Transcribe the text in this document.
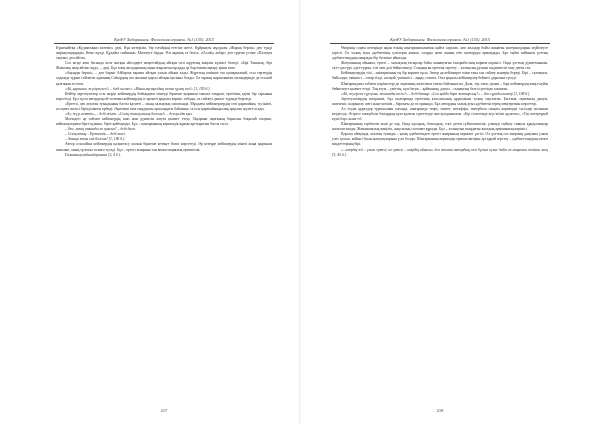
ҚазҰУ Хабаршысы. Филология сериясы. №1 (155). 2015

Күнимайтқа «Күдиясыңыз келеміз» деді. Күн көтеріліп, бір тоғайдың етегіне жетті. Құйрықты жұлдызы «Жарық берсін» деп түнді жарықтандырады. Кеме жүзді. Құдайға сыйынып, Мәскеуге барды. Өзі ақымақ та болса, «Оллаһу акбар» деп тұрған үстіне «Пәледен сақтан» деп айтты.

Сол кезде көш басында келе жатқан әйелдерге жеңгетайдың айтқан сөзі жұрттың көңілін күлкіге бөледі: «Бірі Таналық, бірі Жамалық жыр айтып жүр», – деді. Бұл өлең жолдарының ақын жырлаған нұсқада да бар екенін аңғару қиын емес.

«Ақыңды берші», – деп барып Айбарша ақынға айтқан уәжін ойына алды. Жұрттың көзінше еш қашқақтамай, осы төртеудің алдында тұрып сөйлеген адамның Сабырдың ата жолына қарсы айтқан қисыны болды. Ол мұның жарияланған мәтіндерінде де осылай қалғанын естіген.

«Ай, қарағым, жүгіріп кел!» – деді шешесі. «Мына ақсақалдың сөзіне құлақ сал!» [1, 195 б.].

Кейбір зерттеушілер осы жерде кейіпкердің бойындағы мінезді бірнеше қырынан таныта отырып, ертегінің әдемі бір сарынын көрсетеді. Бұл тұста автордың ой-толғамы кейіпкердің іс-әрекеті арқылы көрініс табады, ал сөйлеуі диалог түрінде беріледі.

«Ертегі» деп аталған туындының басты қасиеті – оның халықтық сипатында. Мұндағы кейіпкерлердің сөзі қарапайым, түсінікті, ал оқиға желісі бірізділікпен өрбиді. Әңгімеші мен тыңдаушы арасындағы байланыс та осы қарапайымдылық арқылы жүзеге асады.

«Ал, жүр, кеттік», – деді жігіт. «Сенің жолың ашық болсын!» – деп қалды қыз.

Мәтіндегі әр сөйлем кейіпкердің ішкі жан дүниесін ашуға қызмет етеді. Оқырман оқиғаның барысын бақылай отырып, кейіпкерлермен бірге қуанып, бірге қайғырады. Бұл – шығарманың көркемдік құнын арттыратын басты тәсіл.

– Әке, менің атымды не қоясыз? – деді бала.

– Сенің атың – Ертөстік, – деді әкесі.

– Атыңа заты сай болсын! [1, 196 б.].

Автор осылайша кейіпкердің қалыптасу жолын бірнеше кезеңге бөліп көрсетеді. Әр кезеңде кейіпкердің мінезі жаңа қырынан ашылып, оның тұлғасы толыға түседі. Бұл – ертегі жанрына тән композициялық ерекшелік.

Ғалымның пайымдауынша [2, 4 б.].

217
ҚазҰУ Хабаршысы. Филология сериясы. №1 (155). 2015

Өмірінің соңғы кезеңінде ақын өзінің шығармашылығын қайта саралап, көп жылдар бойы жинаған материалдарын жүйелеуге кірісті. Ол халық ауыз әдебиетінің үлгілерін жинап, оларды жеке жинақ етіп шығаруды армандады. Бұл еңбек кейіннен ұлттық әдебиеттанудың маңызды бір бөлігіне айналды.

Жазушының ойынша, ертегі – халықтың ғасырлар бойы жинақтаған тәжірибесінің көркем көрінісі. Онда ұлттың дүниетанымы, салт-дәстүрі, әдет-ғұрпы, тілі мен ділі бейнеленеді. Сондықтан ертегіні зерттеу – халықтың рухани мәдениетін тану деген сөз.

Кейіпкерлердің тілі – шығарманың ең бір көркем тұсы. Автор әр кейіпкерге өзіне ғана тән сөйлеу мәнерін береді. Бірі – салмақты, байсалды; екіншісі – өткір тілді, әзілқой; үшіншісі – аңқау, сенгіш. Осы арқылы кейіпкерлер бейнесі даралана түседі.

Шығармадағы табиғат көріністері де оқиғаның желісімен тығыз байланысты. Дала, тау, өзен, орман – бәрі кейіпкердің көңіл-күйін бейнелеуге қызмет етеді. Таң атуы – үміттің, күн батуы – қайғының, дауыл – сынақтың белгісі ретінде алынған.

«Ай, жүгірген сұр қоян, жолымды кеспе!» – деді батыр. «Сен қайда бара жатырсың?» – деп сұрады кемпір [1, 198 б.].

Зерттеушілердің пікірінше, бұл шығармада ертегінің классикалық құрылымы толық сақталған. Бастама, оқиғаның дамуы, шиеленіс, шарықтау шегі және шешім – барлығы да өз орнында. Бұл автордың халық ауыз әдебиетін терең меңгергенін көрсетеді.

Ал тілдік құралдар тұрғысынан алғанда, шығармада теңеу, эпитет, метафора, гипербола сияқты көркемдік тәсілдер молынан кездеседі. Әсіресе гипербола батырдың күш-қуатын суреттеуде жиі қолданылған: «Бір сілтегенде жүз кісіні құлатты», «Тау көтерердей күші бар» және т.б.

Шығарманың тәрбиелік мәні де зор. Онда адалдық, батылдық, елге деген сүйіспеншілік, үлкенді сыйлау сияқты құндылықтар насихатталады. Жаманшылық жеңіліп, жақсылық салтанат құрады. Бұл – халықтың мыңдаған жылдық арманының көрінісі.

Қорыта айтқанда, аталған туынды – қазақ әдебиетіндегі ертегі жанрының көрнекті үлгісі. Ол ұлттық сөз өнерінің дамуына үлкен үлес қосып, кейінгі буын жазушыларына үлгі болды. Шығарманың көркемдік ерекшеліктерін әрі қарай зерттеу – әдебиеттанудың өзекті міндеттерінің бірі.

«...өмірдің өзі – үлкен ертегі, ал ертегі – өмірдің айнасы» деп жазған автордың сөзі бүгінгі күнге дейін өз маңызын жойған жоқ [3, 45 б.].

218
